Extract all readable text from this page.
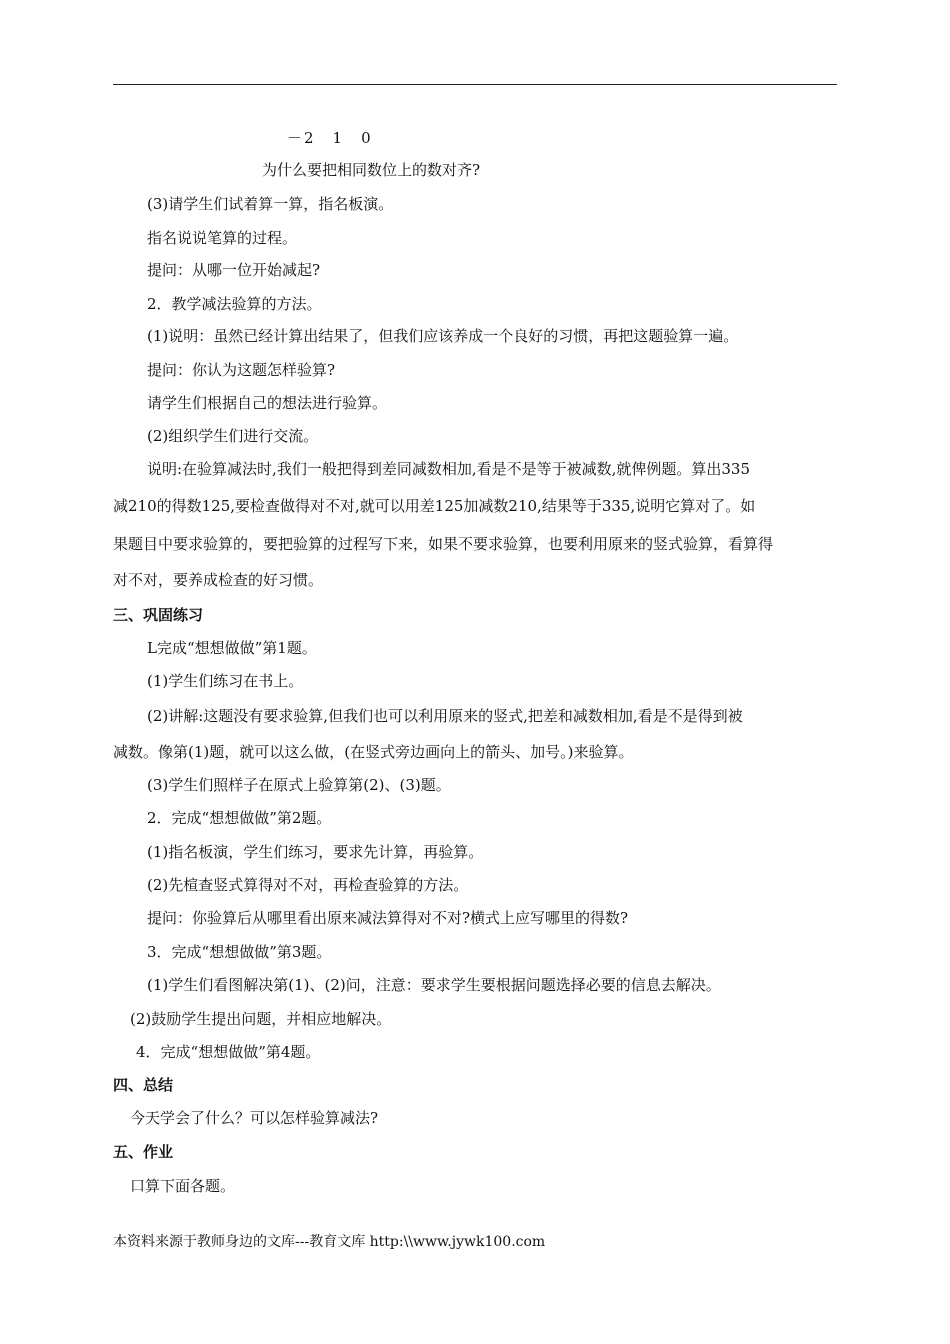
－2　1　0
为什么要把相同数位上的数对齐?
(3)请学生们试着算一算，指名板演。
指名说说笔算的过程。
提问：从哪一位开始减起?
2．教学减法验算的方法。
(1)说明：虽然已经计算出结果了，但我们应该养成一个良好的习惯，再把这题验算一遍。
提问：你认为这题怎样验算?
请学生们根据自己的想法进行验算。
(2)组织学生们进行交流。
说明:在验算减法时,我们一般把得到差同减数相加,看是不是等于被减数,就俾例题。算出335
减210的得数125,要检查做得对不对,就可以用差125加减数210,结果等于335,说明它算对了。如
果题目中要求验算的，要把验算的过程写下来，如果不要求验算，也要利用原来的竖式验算，看算得
对不对，要养成检查的好习惯。
三、巩固练习
L完成“想想做做”第1题。
(1)学生们练习在书上。
(2)讲解:这题没有要求验算,但我们也可以利用原来的竖式,把差和减数相加,看是不是得到被
减数。像第(1)题，就可以这么做，(在竖式旁边画向上的箭头、加号。)来验算。
(3)学生们照样子在原式上验算第(2)、(3)题。
2．完成“想想做做”第2题。
(1)指名板演，学生们练习，要求先计算，再验算。
(2)先楦查竖式算得对不对，再检查验算的方法。
提问：你验算后从哪里看出原来减法算得对不对?横式上应写哪里的得数?
3．完成“想想做做”第3题。
(1)学生们看图解决第(1)、(2)问，注意：要求学生要根据问题选择必要的信息去解决。
(2)鼓励学生提出问题，并相应地解决。
4．完成“想想做做”第4题。
四、总结
今天学会了什么？可以怎样验算减法?
五、作业
口算下面各题。
本资料来源于教师身边的文库---教育文库 http:\\www.jywk100.com
